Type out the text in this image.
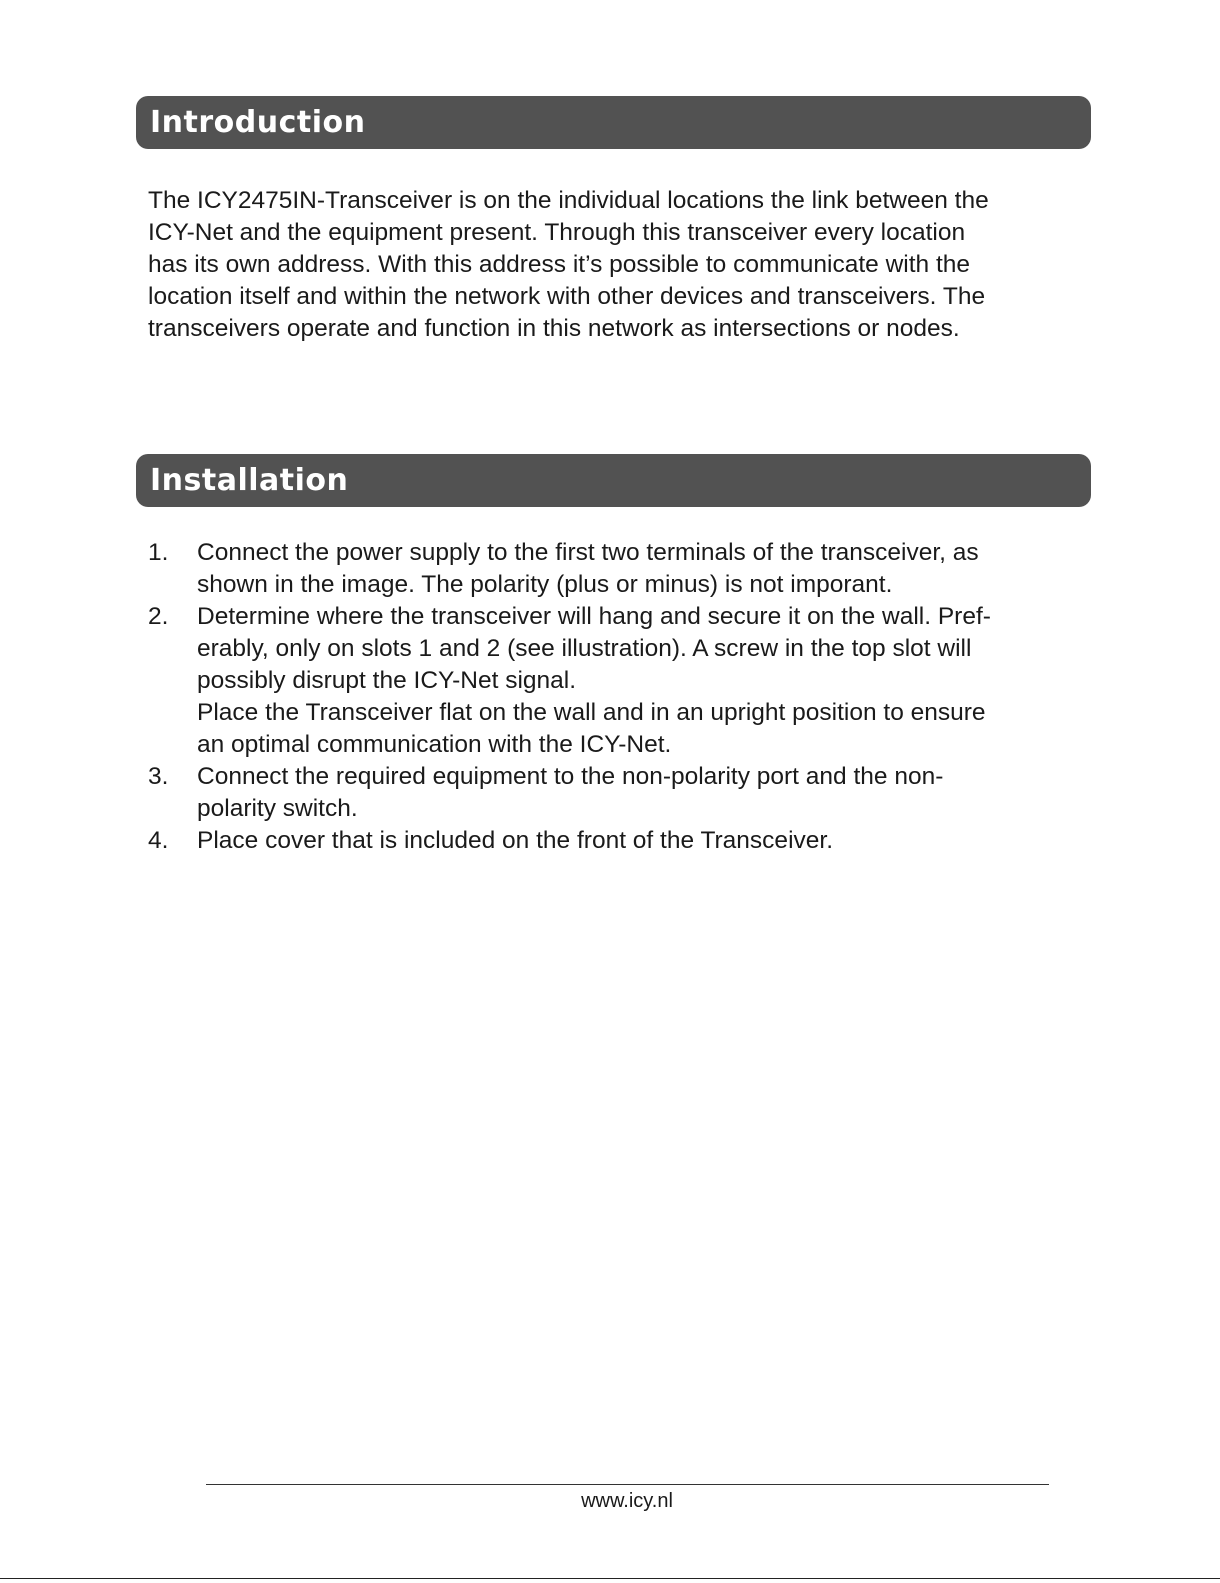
Introduction

The ICY2475IN-Transceiver is on the individual locations the link between the
ICY-Net and the equipment present. Through this transceiver every location
has its own address. With this address it’s possible to communicate with the
location itself and within the network with other devices and transceivers. The
transceivers operate and function in this network as intersections or nodes.

Installation
1. Connect the power supply to the first two terminals of the transceiver, as
shown in the image. The polarity (plus or minus) is not imporant.
2. Determine where the transceiver will hang and secure it on the wall. Pref-
erably, only on slots 1 and 2 (see illustration). A screw in the top slot will
possibly disrupt the ICY-Net signal.
Place the Transceiver flat on the wall and in an upright position to ensure
an optimal communication with the ICY-Net.
3. Connect the required equipment to the non-polarity port and the non-
polarity switch.
4. Place cover that is included on the front of the Transceiver.
www.icy.nl
